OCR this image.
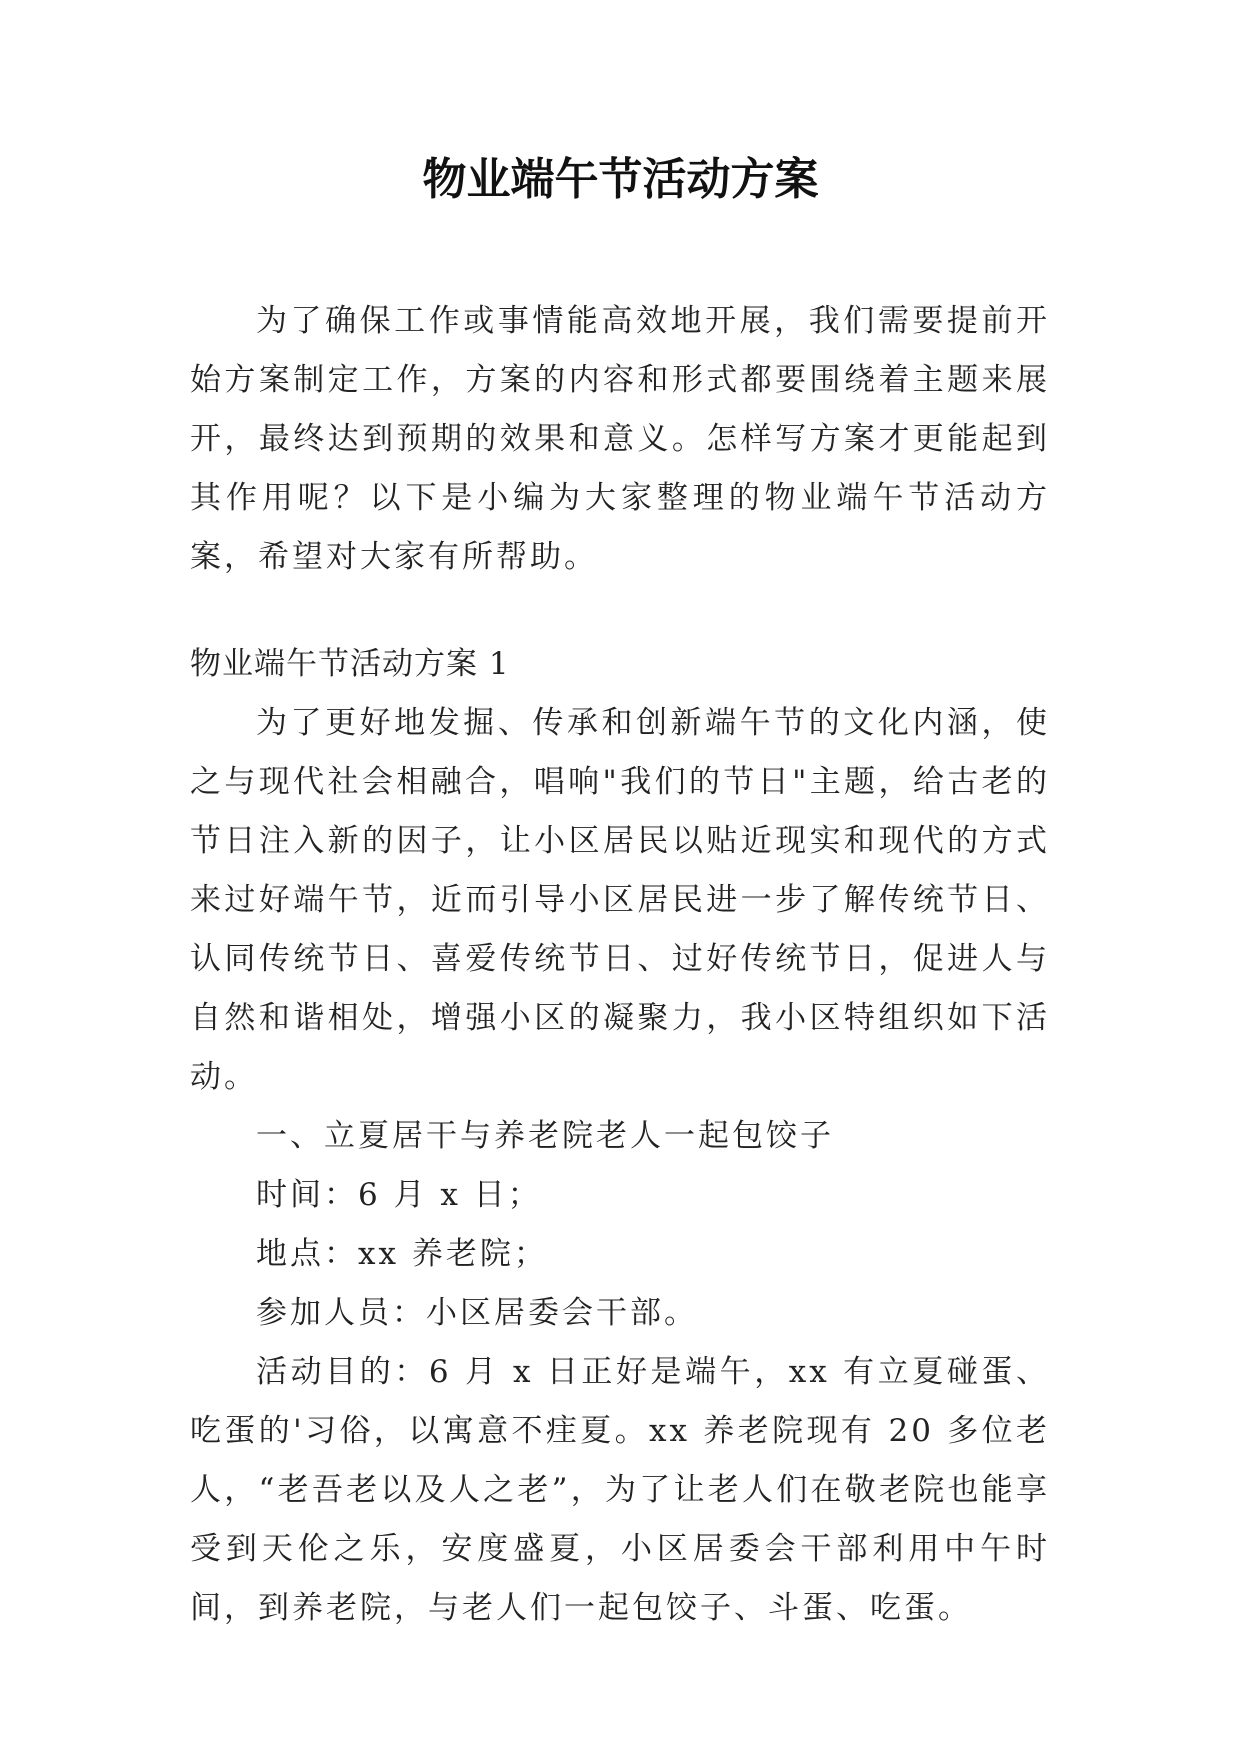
物业端午节活动方案

为了确保工作或事情能高效地开展，我们需要提前开始方案制定工作，方案的内容和形式都要围绕着主题来展开，最终达到预期的效果和意义。怎样写方案才更能起到其作用呢？以下是小编为大家整理的物业端午节活动方案，希望对大家有所帮助。

物业端午节活动方案 1

为了更好地发掘、传承和创新端午节的文化内涵，使之与现代社会相融合，唱响"我们的节日"主题，给古老的节日注入新的因子，让小区居民以贴近现实和现代的方式来过好端午节，近而引导小区居民进一步了解传统节日、认同传统节日、喜爱传统节日、过好传统节日，促进人与自然和谐相处，增强小区的凝聚力，我小区特组织如下活动。

一、立夏居干与养老院老人一起包饺子

时间：6 月 x 日；

地点：xx 养老院；

参加人员：小区居委会干部。

活动目的：6 月 x 日正好是端午，xx 有立夏碰蛋、吃蛋的'习俗，以寓意不疰夏。xx 养老院现有 20 多位老人，“老吾老以及人之老”，为了让老人们在敬老院也能享受到天伦之乐，安度盛夏，小区居委会干部利用中午时间，到养老院，与老人们一起包饺子、斗蛋、吃蛋。
